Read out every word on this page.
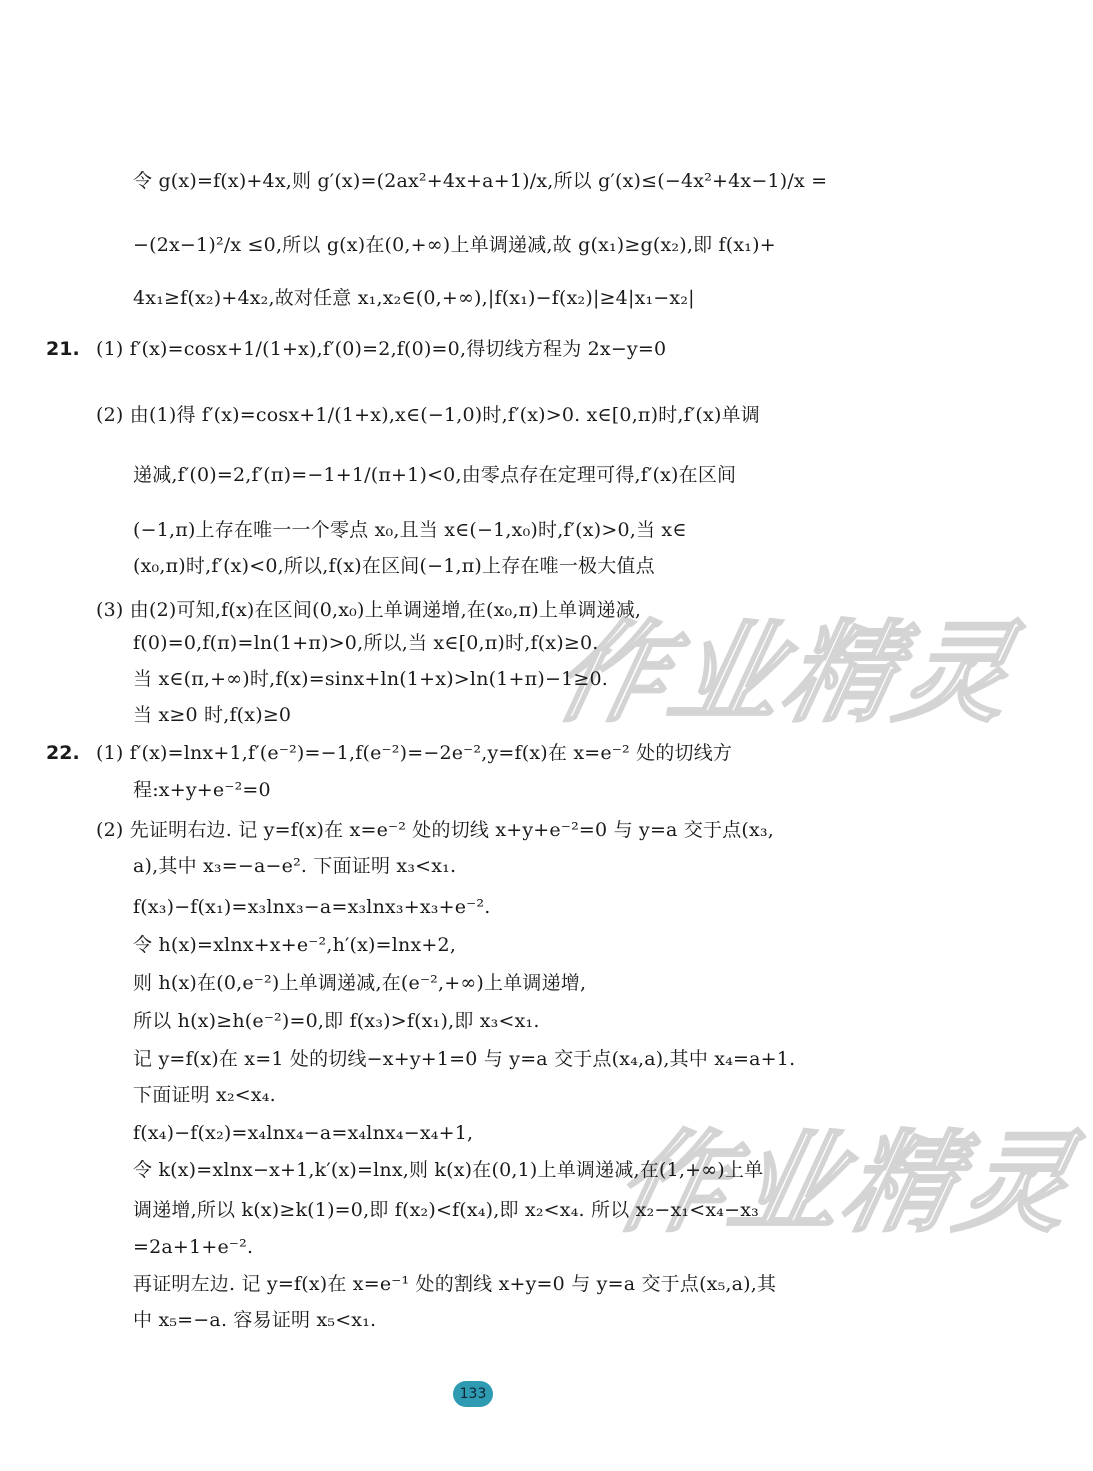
作业精灵
作业精灵
令 g(x)=f(x)+4x,则 g′(x)=(2ax²+4x+a+1)/x,所以 g′(x)≤(−4x²+4x−1)/x =
−(2x−1)²/x ≤0,所以 g(x)在(0,+∞)上单调递减,故 g(x₁)≥g(x₂),即 f(x₁)+
4x₁≥f(x₂)+4x₂,故对任意 x₁,x₂∈(0,+∞),|f(x₁)−f(x₂)|≥4|x₁−x₂|
21. (1) f′(x)=cosx+1/(1+x),f′(0)=2,f(0)=0,得切线方程为 2x−y=0
(2) 由(1)得 f′(x)=cosx+1/(1+x),x∈(−1,0)时,f′(x)>0. x∈[0,π)时,f′(x)单调
递减,f′(0)=2,f′(π)=−1+1/(π+1)<0,由零点存在定理可得,f′(x)在区间
(−1,π)上存在唯一一个零点 x₀,且当 x∈(−1,x₀)时,f′(x)>0,当 x∈
(x₀,π)时,f′(x)<0,所以,f(x)在区间(−1,π)上存在唯一极大值点
(3) 由(2)可知,f(x)在区间(0,x₀)上单调递增,在(x₀,π)上单调递减,
f(0)=0,f(π)=ln(1+π)>0,所以,当 x∈[0,π)时,f(x)≥0.
当 x∈(π,+∞)时,f(x)=sinx+ln(1+x)>ln(1+π)−1≥0.
当 x≥0 时,f(x)≥0
22. (1) f′(x)=lnx+1,f′(e⁻²)=−1,f(e⁻²)=−2e⁻²,y=f(x)在 x=e⁻² 处的切线方
程:x+y+e⁻²=0
(2) 先证明右边. 记 y=f(x)在 x=e⁻² 处的切线 x+y+e⁻²=0 与 y=a 交于点(x₃,
a),其中 x₃=−a−e². 下面证明 x₃<x₁.
f(x₃)−f(x₁)=x₃lnx₃−a=x₃lnx₃+x₃+e⁻².
令 h(x)=xlnx+x+e⁻²,h′(x)=lnx+2,
则 h(x)在(0,e⁻²)上单调递减,在(e⁻²,+∞)上单调递增,
所以 h(x)≥h(e⁻²)=0,即 f(x₃)>f(x₁),即 x₃<x₁.
记 y=f(x)在 x=1 处的切线−x+y+1=0 与 y=a 交于点(x₄,a),其中 x₄=a+1.
下面证明 x₂<x₄.
f(x₄)−f(x₂)=x₄lnx₄−a=x₄lnx₄−x₄+1,
令 k(x)=xlnx−x+1,k′(x)=lnx,则 k(x)在(0,1)上单调递减,在(1,+∞)上单
调递增,所以 k(x)≥k(1)=0,即 f(x₂)<f(x₄),即 x₂<x₄. 所以 x₂−x₁<x₄−x₃
=2a+1+e⁻².
再证明左边. 记 y=f(x)在 x=e⁻¹ 处的割线 x+y=0 与 y=a 交于点(x₅,a),其
中 x₅=−a. 容易证明 x₅<x₁.
133
